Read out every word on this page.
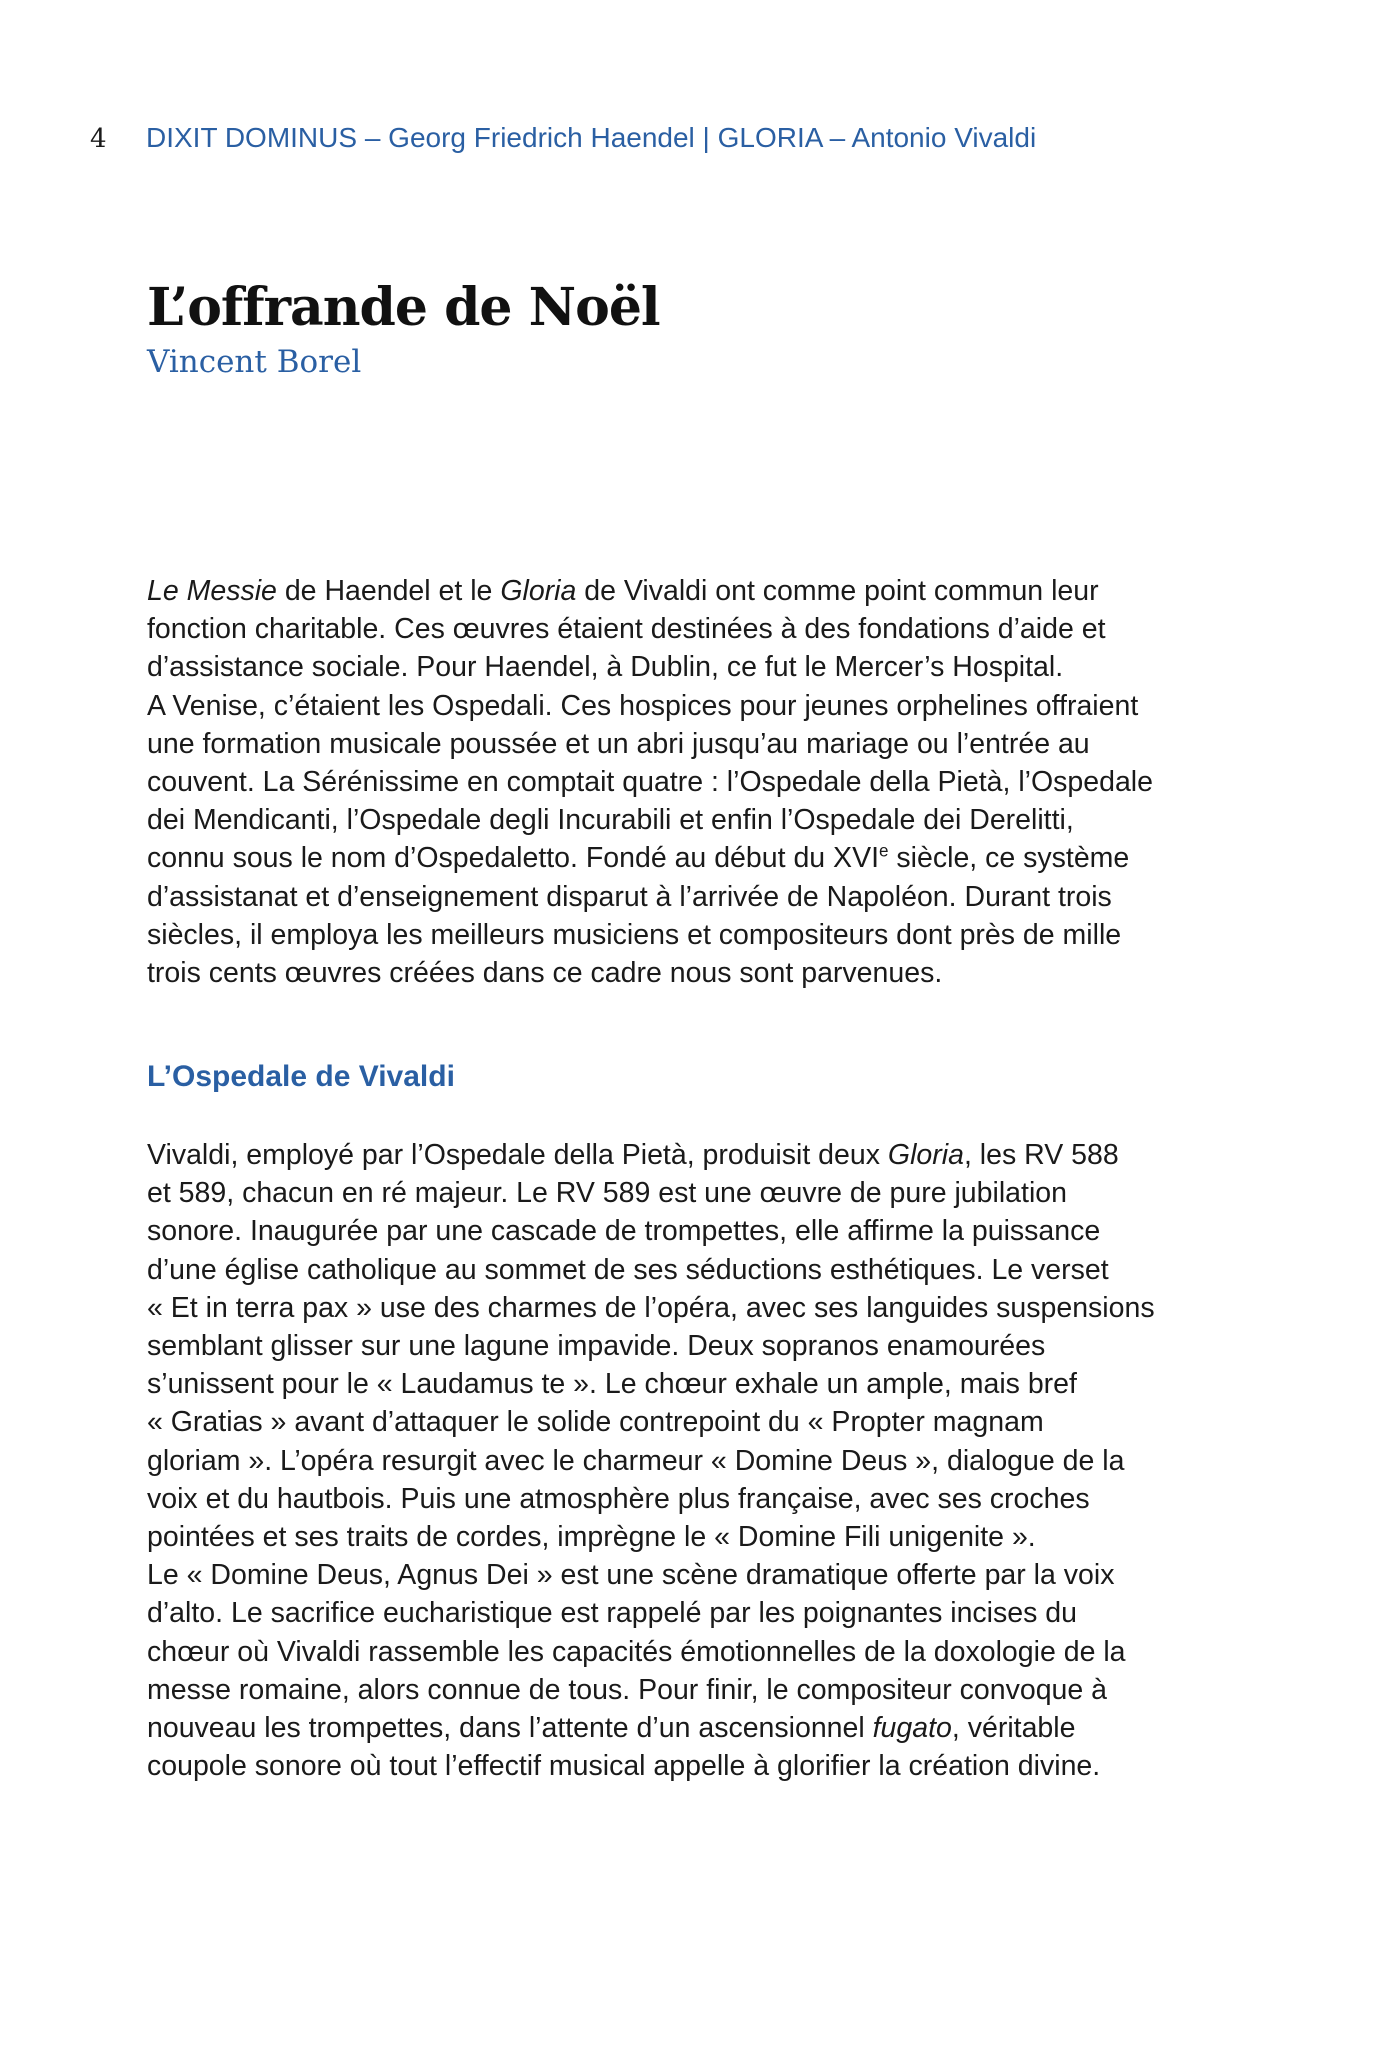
4 DIXIT DOMINUS – Georg Friedrich Haendel | GLORIA – Antonio Vivaldi
L’offrande de Noël
Vincent Borel

Le Messie de Haendel et le Gloria de Vivaldi ont comme point commun leur
fonction charitable. Ces œuvres étaient destinées à des fondations d’aide et
d’assistance sociale. Pour Haendel, à Dublin, ce fut le Mercer’s Hospital.
A Venise, c’étaient les Ospedali. Ces hospices pour jeunes orphelines offraient
une formation musicale poussée et un abri jusqu’au mariage ou l’entrée au
couvent. La Sérénissime en comptait quatre : l’Ospedale della Pietà, l’Ospedale
dei Mendicanti, l’Ospedale degli Incurabili et enfin l’Ospedale dei Derelitti,
connu sous le nom d’Ospedaletto. Fondé au début du XVIe siècle, ce système
d’assistanat et d’enseignement disparut à l’arrivée de Napoléon. Durant trois
siècles, il employa les meilleurs musiciens et compositeurs dont près de mille
trois cents œuvres créées dans ce cadre nous sont parvenues.

L’Ospedale de Vivaldi

Vivaldi, employé par l’Ospedale della Pietà, produisit deux Gloria, les RV 588
et 589, chacun en ré majeur. Le RV 589 est une œuvre de pure jubilation
sonore. Inaugurée par une cascade de trompettes, elle affirme la puissance
d’une église catholique au sommet de ses séductions esthétiques. Le verset
« Et in terra pax » use des charmes de l’opéra, avec ses languides suspensions
semblant glisser sur une lagune impavide. Deux sopranos enamourées
s’unissent pour le « Laudamus te ». Le chœur exhale un ample, mais bref
« Gratias » avant d’attaquer le solide contrepoint du « Propter magnam
gloriam ». L’opéra resurgit avec le charmeur « Domine Deus », dialogue de la
voix et du hautbois. Puis une atmosphère plus française, avec ses croches
pointées et ses traits de cordes, imprègne le « Domine Fili unigenite ».
Le « Domine Deus, Agnus Dei » est une scène dramatique offerte par la voix
d’alto. Le sacrifice eucharistique est rappelé par les poignantes incises du
chœur où Vivaldi rassemble les capacités émotionnelles de la doxologie de la
messe romaine, alors connue de tous. Pour finir, le compositeur convoque à
nouveau les trompettes, dans l’attente d’un ascensionnel fugato, véritable
coupole sonore où tout l’effectif musical appelle à glorifier la création divine.
